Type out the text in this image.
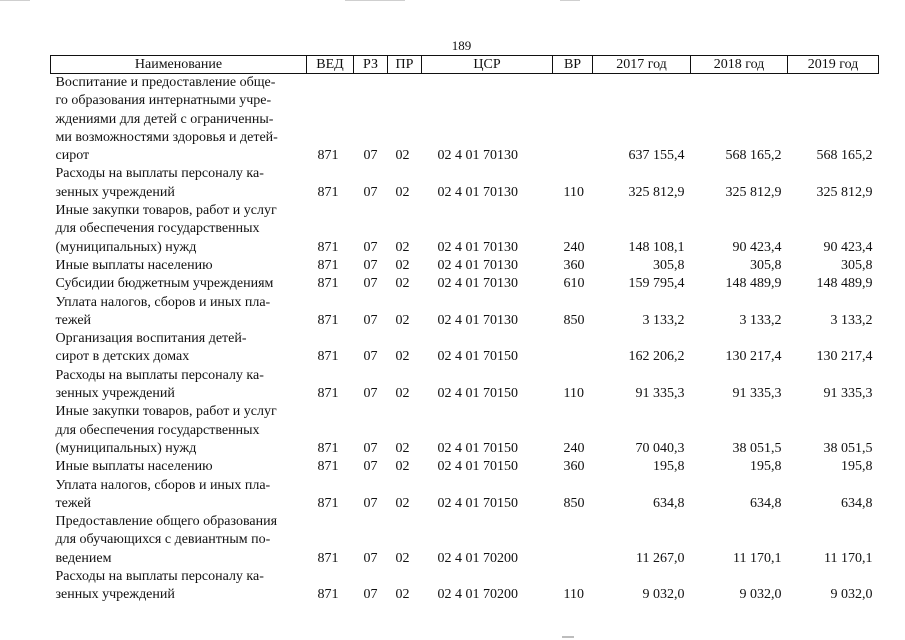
189
Наименование	ВЕД	РЗ	ПР	ЦСР	ВР	2017 год	2018 год	2019 год

Воспитание и предоставление обще-
го образования интернатными учре-
ждениями для детей с ограниченны-
ми возможностями здоровья и детей-
сирот	871	07	02	02 4 01 70130		637 155,4	568 165,2	568 165,2

Расходы на выплаты персоналу ка-
зенных учреждений	871	07	02	02 4 01 70130	110	325 812,9	325 812,9	325 812,9

Иные закупки товаров, работ и услуг
для обеспечения государственных
(муниципальных) нужд	871	07	02	02 4 01 70130	240	148 108,1	90 423,4	90 423,4

Иные выплаты населению	871	07	02	02 4 01 70130	360	305,8	305,8	305,8

Субсидии бюджетным учреждениям	871	07	02	02 4 01 70130	610	159 795,4	148 489,9	148 489,9

Уплата налогов, сборов и иных пла-
тежей	871	07	02	02 4 01 70130	850	3 133,2	3 133,2	3 133,2

Организация воспитания детей-
сирот в детских домах	871	07	02	02 4 01 70150		162 206,2	130 217,4	130 217,4

Расходы на выплаты персоналу ка-
зенных учреждений	871	07	02	02 4 01 70150	110	91 335,3	91 335,3	91 335,3

Иные закупки товаров, работ и услуг
для обеспечения государственных
(муниципальных) нужд	871	07	02	02 4 01 70150	240	70 040,3	38 051,5	38 051,5

Иные выплаты населению	871	07	02	02 4 01 70150	360	195,8	195,8	195,8

Уплата налогов, сборов и иных пла-
тежей	871	07	02	02 4 01 70150	850	634,8	634,8	634,8

Предоставление общего образования
для обучающихся с девиантным по-
ведением	871	07	02	02 4 01 70200		11 267,0	11 170,1	11 170,1

Расходы на выплаты персоналу ка-
зенных учреждений	871	07	02	02 4 01 70200	110	9 032,0	9 032,0	9 032,0
